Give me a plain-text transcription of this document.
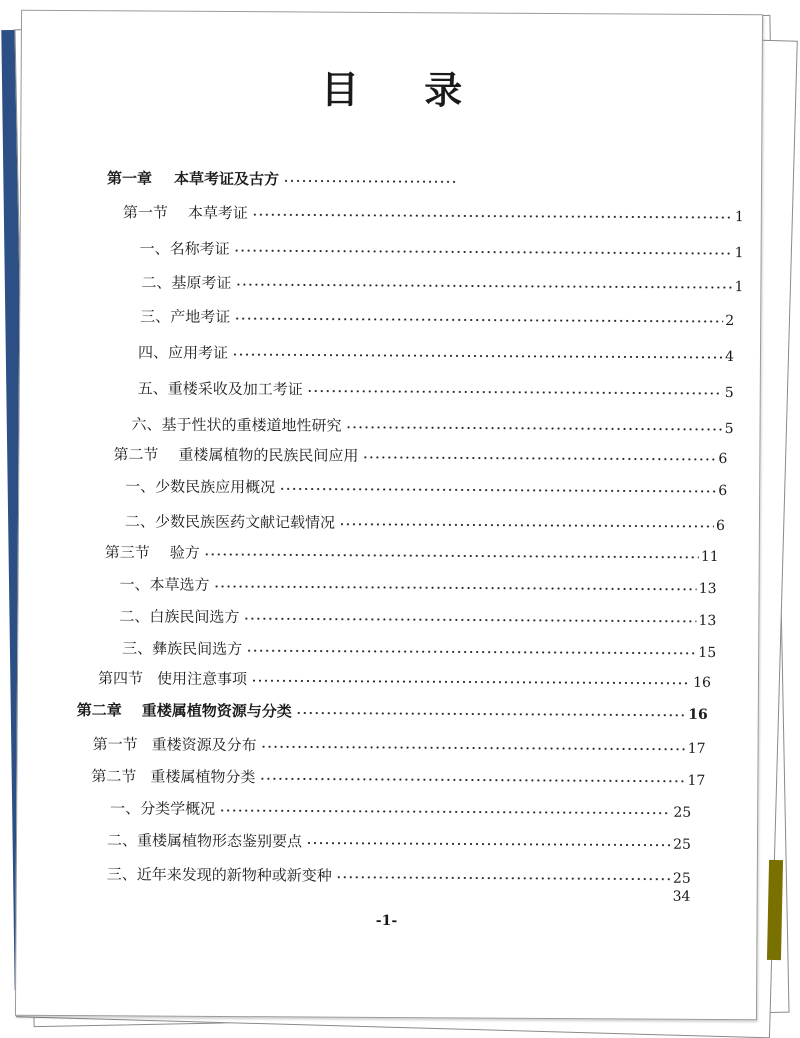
目 录
第一章 本草考证及古方
第一节 本草考证	1
一、 名称考证	1
二、 基原考证	1
三、 产地考证	2
四、 应用考证	4
五、 重楼采收及加工考证	5
六、 基于性状的重楼道地性研究	5
第二节 重楼属植物的民族民间应用	6
一、 少数民族应用概况	6
二、 少数民族医药文献记载情况	6
第三节 验方	11
一、 本草选方	13
二、 白族民间选方	13
三、 彝族民间选方	15
第四节 使用注意事项	16
第二章 重楼属植物资源与分类	16
第一节 重楼资源及分布	17
第二节 重楼属植物分类	17
一、 分类学概况	25
二、 重楼属植物形态鉴别要点	25
三、 近年来发现的新物种或新变种	25
34
-1-
